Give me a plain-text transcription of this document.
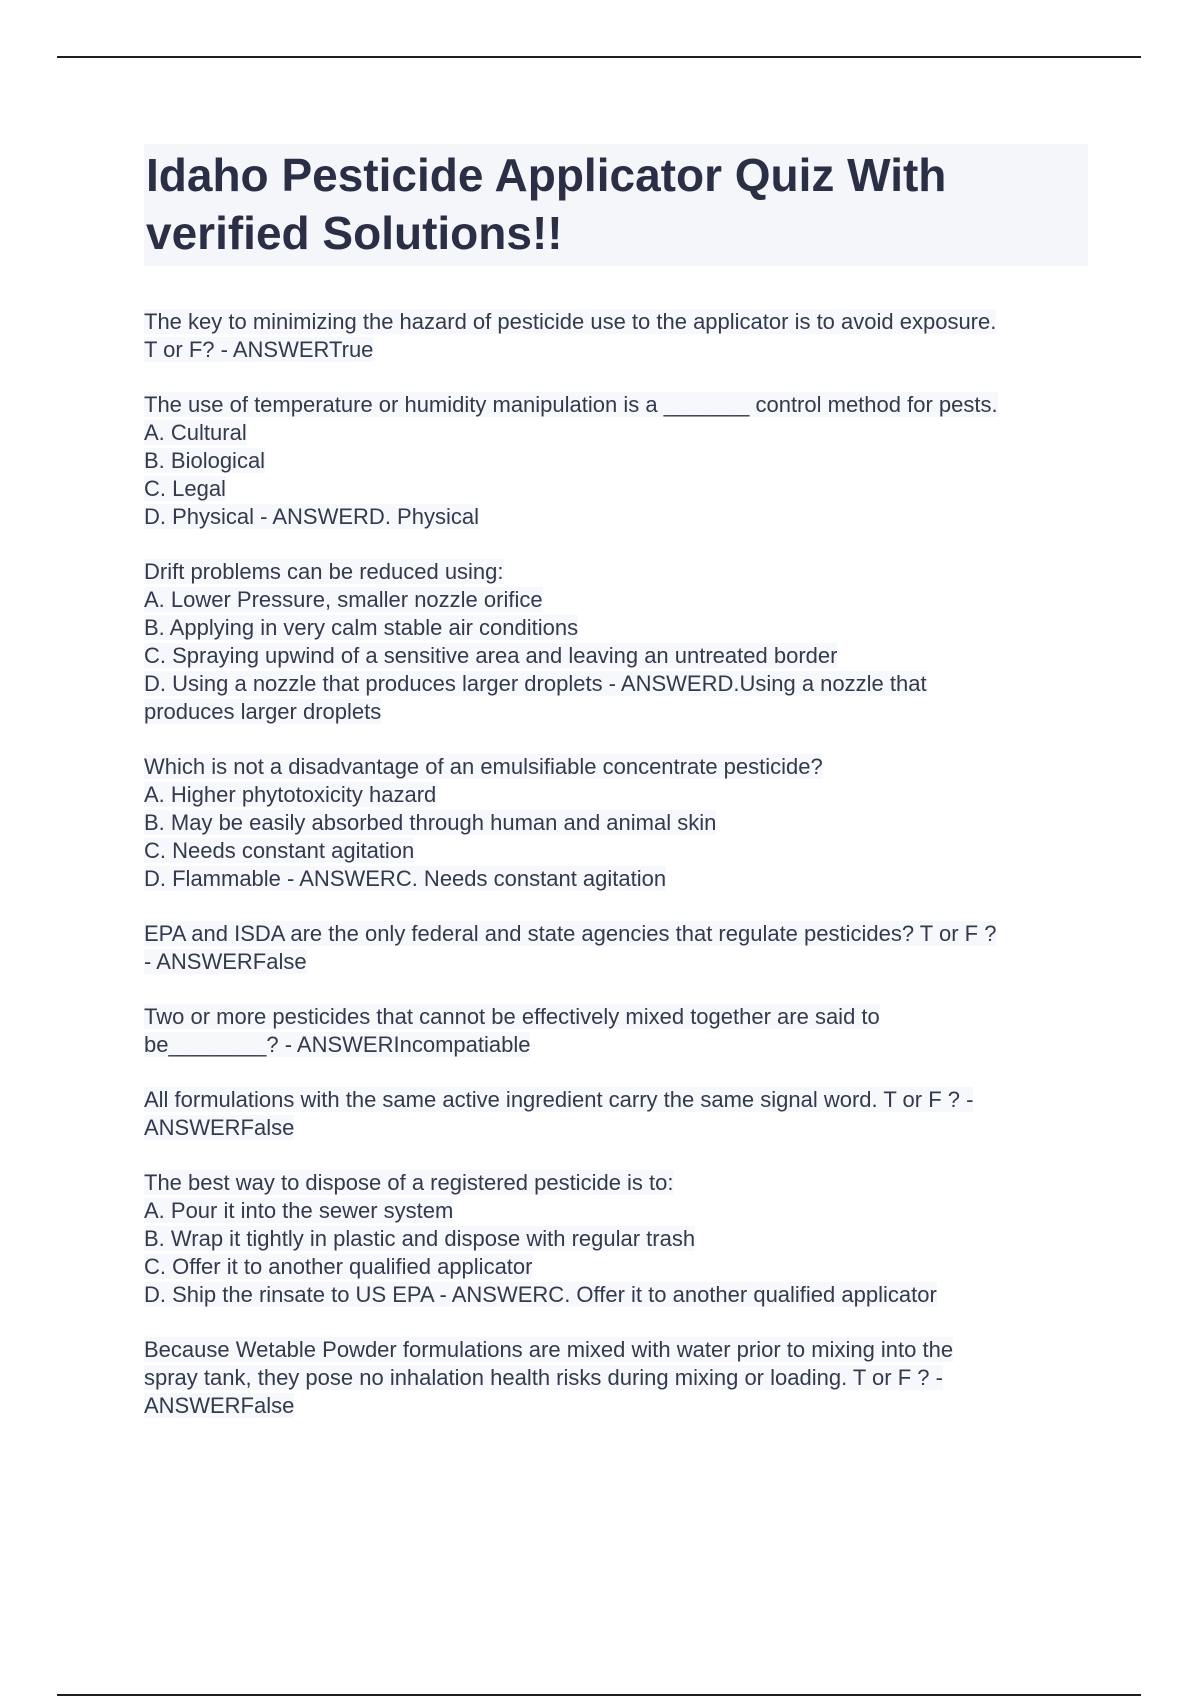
Idaho Pesticide Applicator Quiz With
verified Solutions!!
The key to minimizing the hazard of pesticide use to the applicator is to avoid exposure.
T or F? - ANSWERTrue
The use of temperature or humidity manipulation is a _______ control method for pests.
A. Cultural
B. Biological
C. Legal
D. Physical - ANSWERD. Physical
Drift problems can be reduced using:
A. Lower Pressure, smaller nozzle orifice
B. Applying in very calm stable air conditions
C. Spraying upwind of a sensitive area and leaving an untreated border
D. Using a nozzle that produces larger droplets - ANSWERD.Using a nozzle that
produces larger droplets
Which is not a disadvantage of an emulsifiable concentrate pesticide?
A. Higher phytotoxicity hazard
B. May be easily absorbed through human and animal skin
C. Needs constant agitation
D. Flammable - ANSWERC. Needs constant agitation
EPA and ISDA are the only federal and state agencies that regulate pesticides? T or F ?
- ANSWERFalse
Two or more pesticides that cannot be effectively mixed together are said to
be________? - ANSWERIncompatiable
All formulations with the same active ingredient carry the same signal word. T or F ? -
ANSWERFalse
The best way to dispose of a registered pesticide is to:
A. Pour it into the sewer system
B. Wrap it tightly in plastic and dispose with regular trash
C. Offer it to another qualified applicator
D. Ship the rinsate to US EPA - ANSWERC. Offer it to another qualified applicator
Because Wetable Powder formulations are mixed with water prior to mixing into the
spray tank, they pose no inhalation health risks during mixing or loading. T or F ? -
ANSWERFalse
